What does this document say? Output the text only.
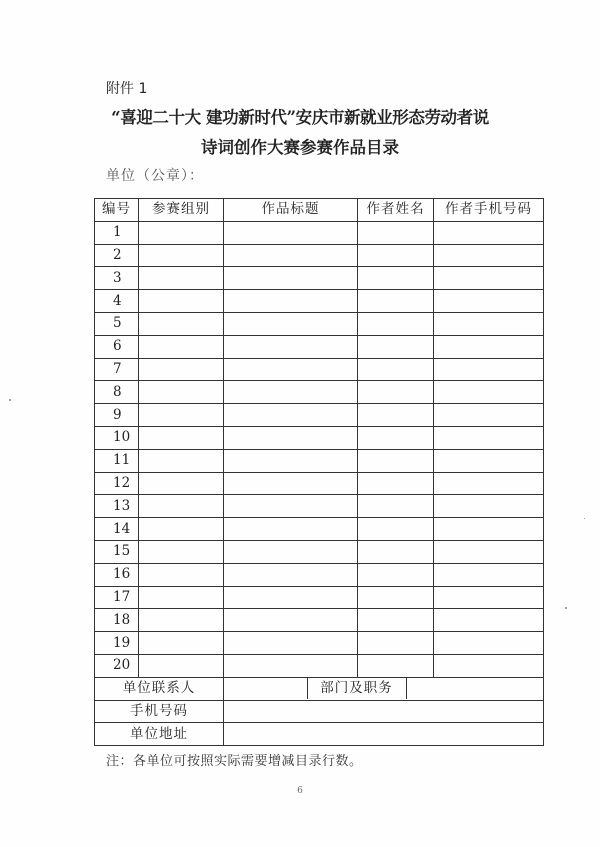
附件 1
“喜迎二十大 建功新时代”安庆市新就业形态劳动者说
诗词创作大赛参赛作品目录
单位（公章）：
编号	参赛组别	作品标题	作者姓名	作者手机号码
1				
2				
3				
4				
5				
6				
7				
8				
9				
10				
11				
12				
13				
14				
15				
16				
17				
18				
19				
20				
单位联系人			部门及职务	

手机号码				
单位地址				
注：各单位可按照实际需要增减目录行数。
6
